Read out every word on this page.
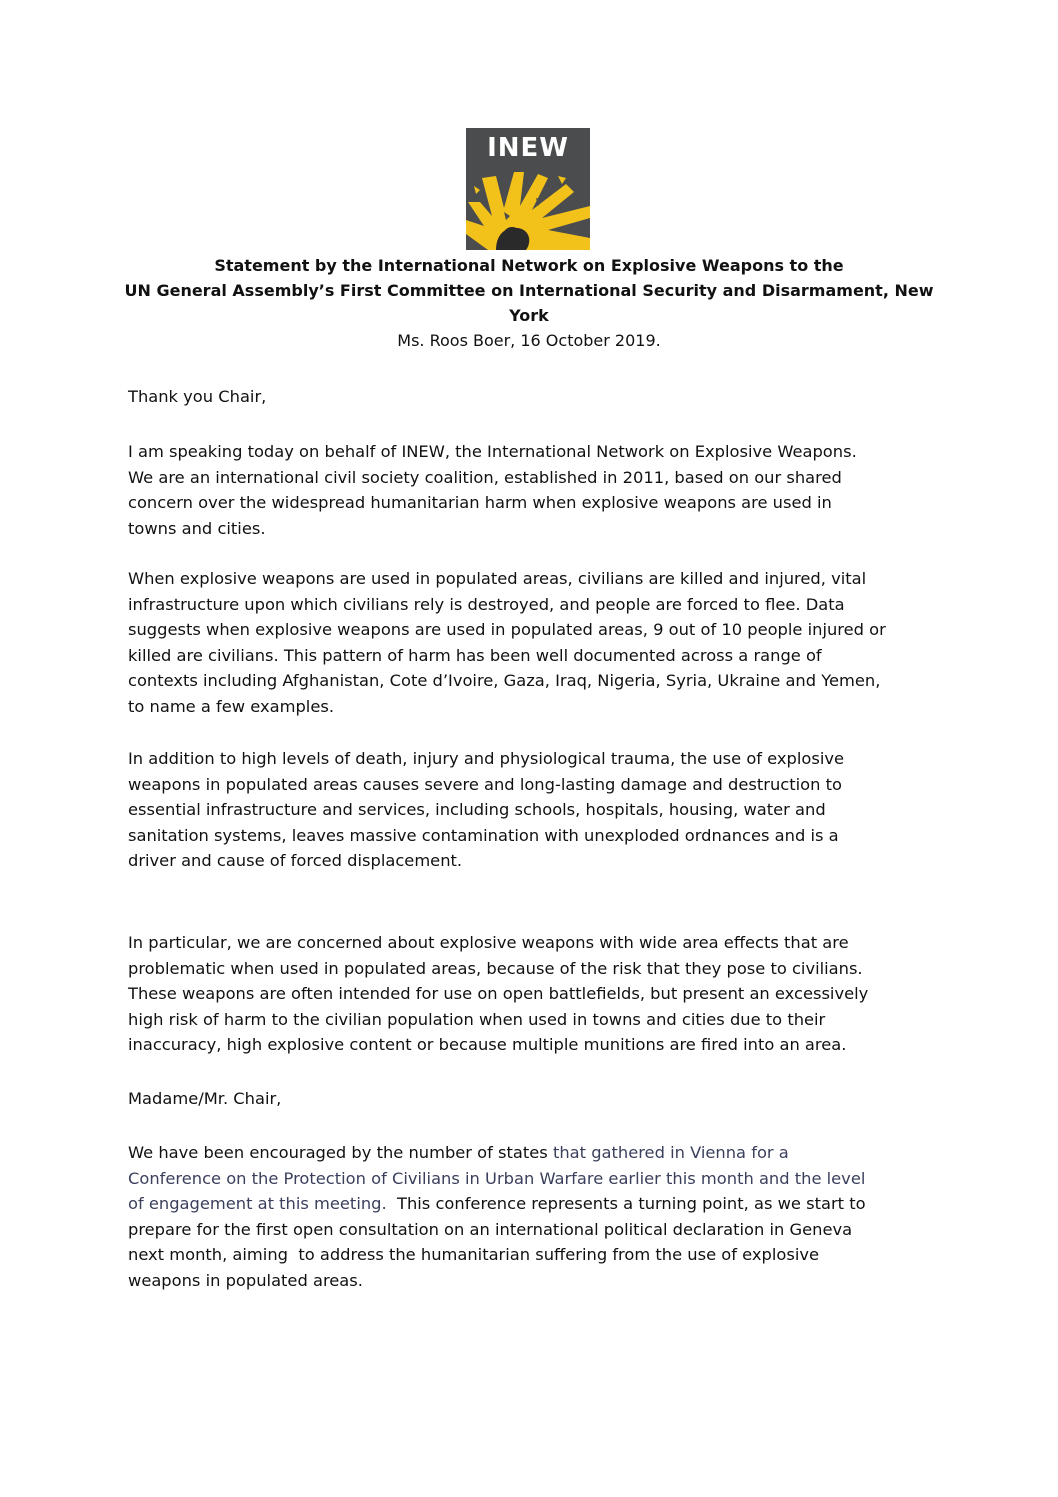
INEW
Statement by the International Network on Explosive Weapons to the
UN General Assembly’s First Committee on International Security and Disarmament, New
York
Ms. Roos Boer, 16 October 2019.
Thank you Chair,
I am speaking today on behalf of INEW, the International Network on Explosive Weapons.
We are an international civil society coalition, established in 2011, based on our shared
concern over the widespread humanitarian harm when explosive weapons are used in
towns and cities.
When explosive weapons are used in populated areas, civilians are killed and injured, vital
infrastructure upon which civilians rely is destroyed, and people are forced to flee. Data
suggests when explosive weapons are used in populated areas, 9 out of 10 people injured or
killed are civilians. This pattern of harm has been well documented across a range of
contexts including Afghanistan, Cote d’Ivoire, Gaza, Iraq, Nigeria, Syria, Ukraine and Yemen,
to name a few examples.
In addition to high levels of death, injury and physiological trauma, the use of explosive
weapons in populated areas causes severe and long-lasting damage and destruction to
essential infrastructure and services, including schools, hospitals, housing, water and
sanitation systems, leaves massive contamination with unexploded ordnances and is a
driver and cause of forced displacement.
In particular, we are concerned about explosive weapons with wide area effects that are
problematic when used in populated areas, because of the risk that they pose to civilians.
These weapons are often intended for use on open battlefields, but present an excessively
high risk of harm to the civilian population when used in towns and cities due to their
inaccuracy, high explosive content or because multiple munitions are fired into an area.
Madame/Mr. Chair,
We have been encouraged by the number of states that gathered in Vienna for a
Conference on the Protection of Civilians in Urban Warfare earlier this month and the level
of engagement at this meeting.  This conference represents a turning point, as we start to
prepare for the first open consultation on an international political declaration in Geneva
next month, aiming  to address the humanitarian suffering from the use of explosive
weapons in populated areas.
